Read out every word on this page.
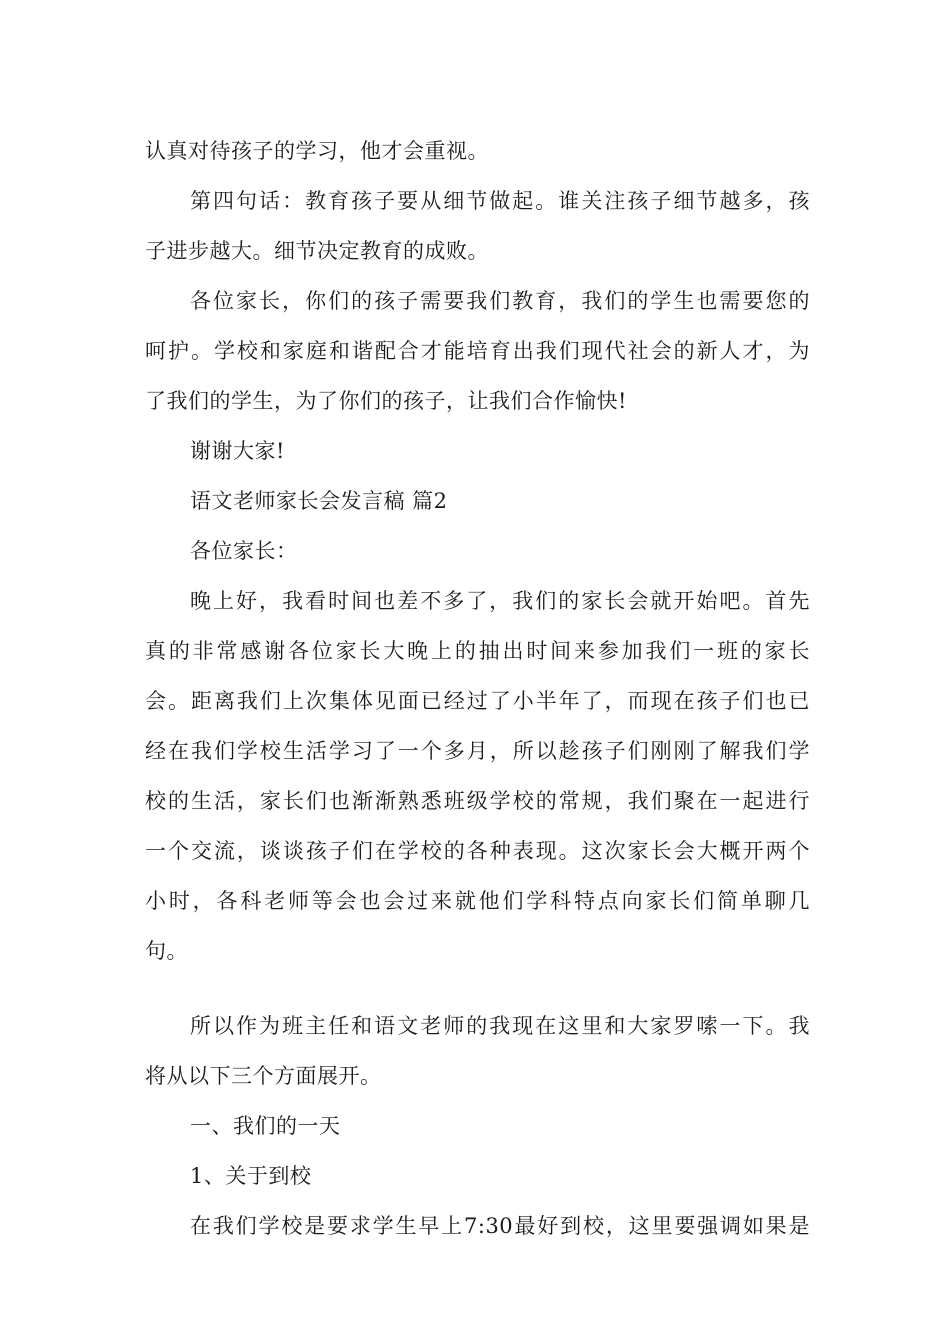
认真对待孩子的学习，他才会重视。
第四句话：教育孩子要从细节做起。谁关注孩子细节越多，孩
子进步越大。细节决定教育的成败。
各位家长，你们的孩子需要我们教育，我们的学生也需要您的
呵护。学校和家庭和谐配合才能培育出我们现代社会的新人才，为
了我们的学生，为了你们的孩子，让我们合作愉快!
谢谢大家!
语文老师家长会发言稿 篇2
各位家长：
晚上好，我看时间也差不多了，我们的家长会就开始吧。首先
真的非常感谢各位家长大晚上的抽出时间来参加我们一班的家长
会。距离我们上次集体见面已经过了小半年了，而现在孩子们也已
经在我们学校生活学习了一个多月，所以趁孩子们刚刚了解我们学
校的生活，家长们也渐渐熟悉班级学校的常规，我们聚在一起进行
一个交流，谈谈孩子们在学校的各种表现。这次家长会大概开两个
小时，各科老师等会也会过来就他们学科特点向家长们简单聊几
句。
所以作为班主任和语文老师的我现在这里和大家罗嗦一下。我
将从以下三个方面展开。
一、我们的一天
1、关于到校
在我们学校是要求学生早上7:30最好到校，这里要强调如果是
